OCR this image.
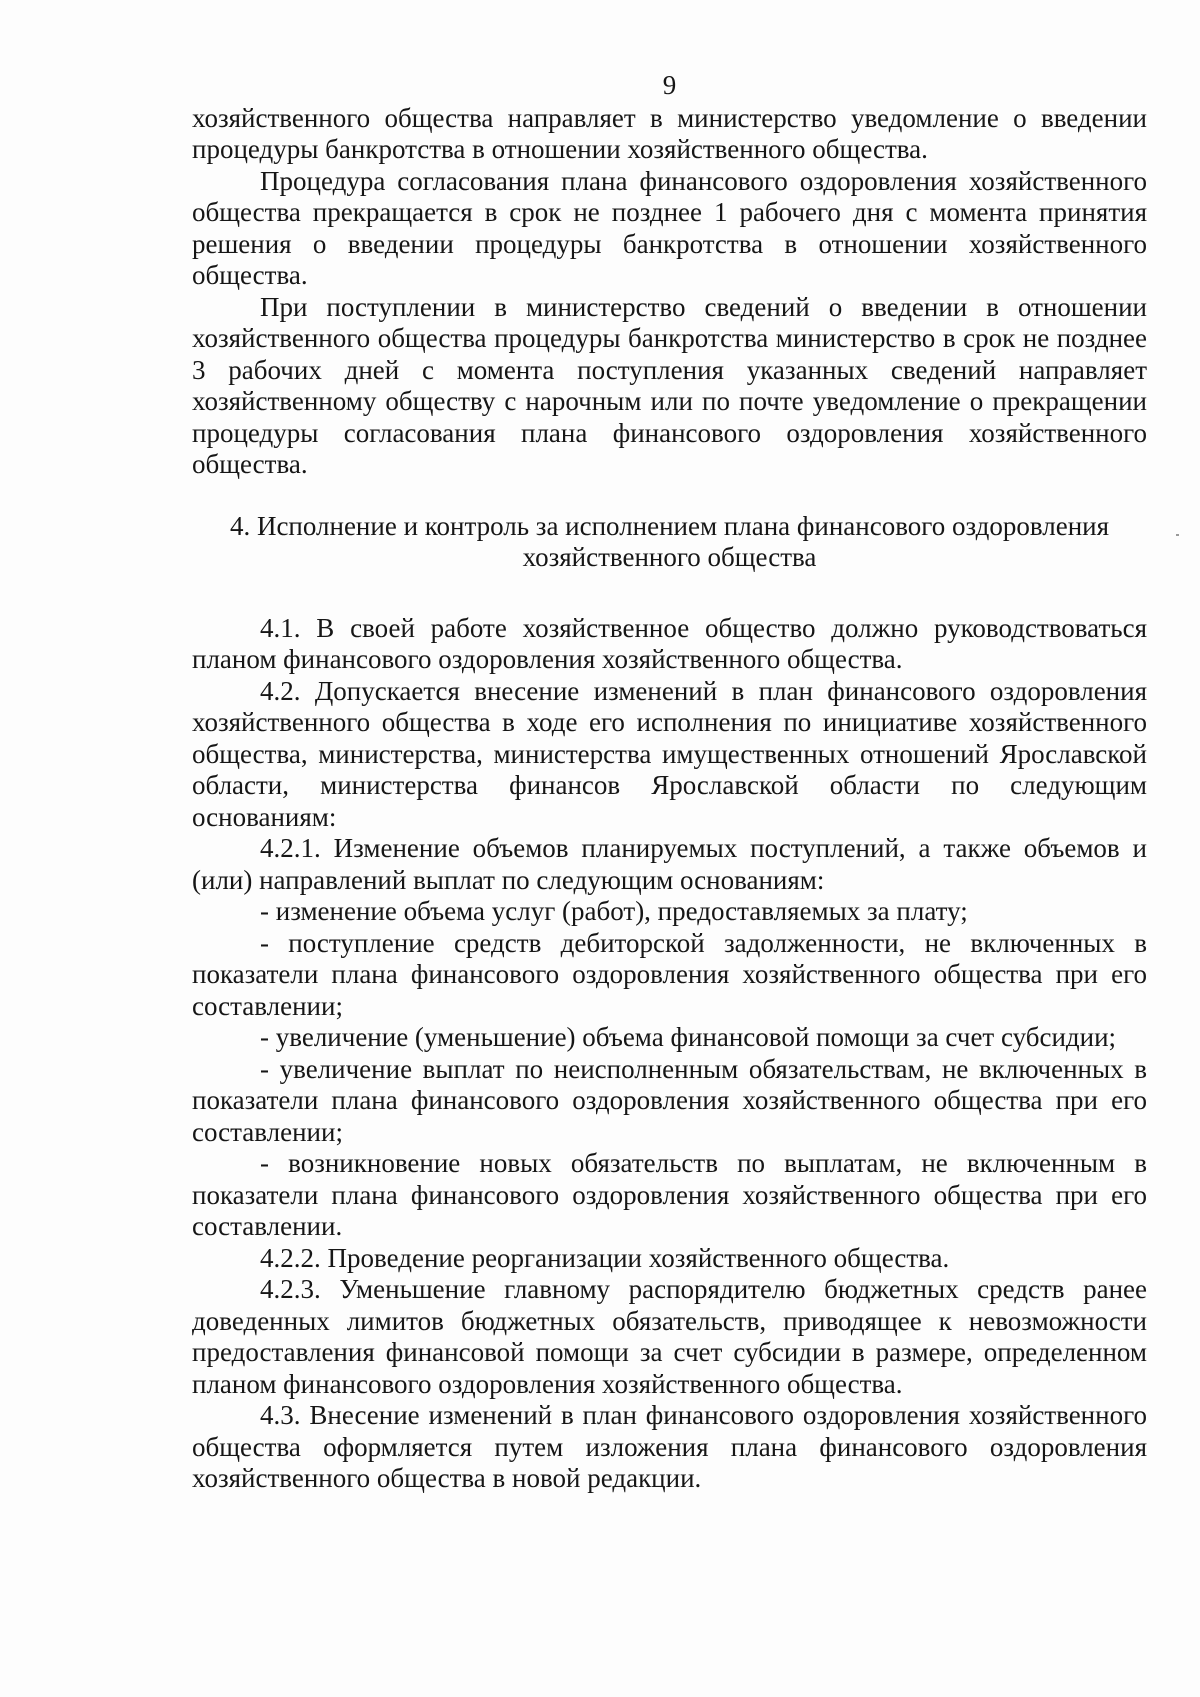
9

хозяйственного общества направляет в министерство уведомление о введении процедуры банкротства в отношении хозяйственного общества.

Процедура согласования плана финансового оздоровления хозяйственного общества прекращается в срок не позднее 1 рабочего дня с момента принятия решения о введении процедуры банкротства в отношении хозяйственного общества.

При поступлении в министерство сведений о введении в отношении хозяйственного общества процедуры банкротства министерство в срок не позднее 3 рабочих дней с момента поступления указанных сведений направляет хозяйственному обществу с нарочным или по почте уведомление о прекращении процедуры согласования плана финансового оздоровления хозяйственного общества.

4. Исполнение и контроль за исполнением плана финансового оздоровления
хозяйственного общества

4.1. В своей работе хозяйственное общество должно руководствоваться планом финансового оздоровления хозяйственного общества.

4.2. Допускается внесение изменений в план финансового оздоровления хозяйственного общества в ходе его исполнения по инициативе хозяйственного общества, министерства, министерства имущественных отношений Ярославской области, министерства финансов Ярославской области по следующим основаниям:

4.2.1. Изменение объемов планируемых поступлений, а также объемов и (или) направлений выплат по следующим основаниям:

- изменение объема услуг (работ), предоставляемых за плату;

- поступление средств дебиторской задолженности, не включенных в показатели плана финансового оздоровления хозяйственного общества при его составлении;

- увеличение (уменьшение) объема финансовой помощи за счет субсидии;

- увеличение выплат по неисполненным обязательствам, не включенных в показатели плана финансового оздоровления хозяйственного общества при его составлении;

- возникновение новых обязательств по выплатам, не включенным в показатели плана финансового оздоровления хозяйственного общества при его составлении.

4.2.2. Проведение реорганизации хозяйственного общества.

4.2.3. Уменьшение главному распорядителю бюджетных средств ранее доведенных лимитов бюджетных обязательств, приводящее к невозможности предоставления финансовой помощи за счет субсидии в размере, определенном планом финансового оздоровления хозяйственного общества.

4.3. Внесение изменений в план финансового оздоровления хозяйственного общества оформляется путем изложения плана финансового оздоровления хозяйственного общества в новой редакции.
